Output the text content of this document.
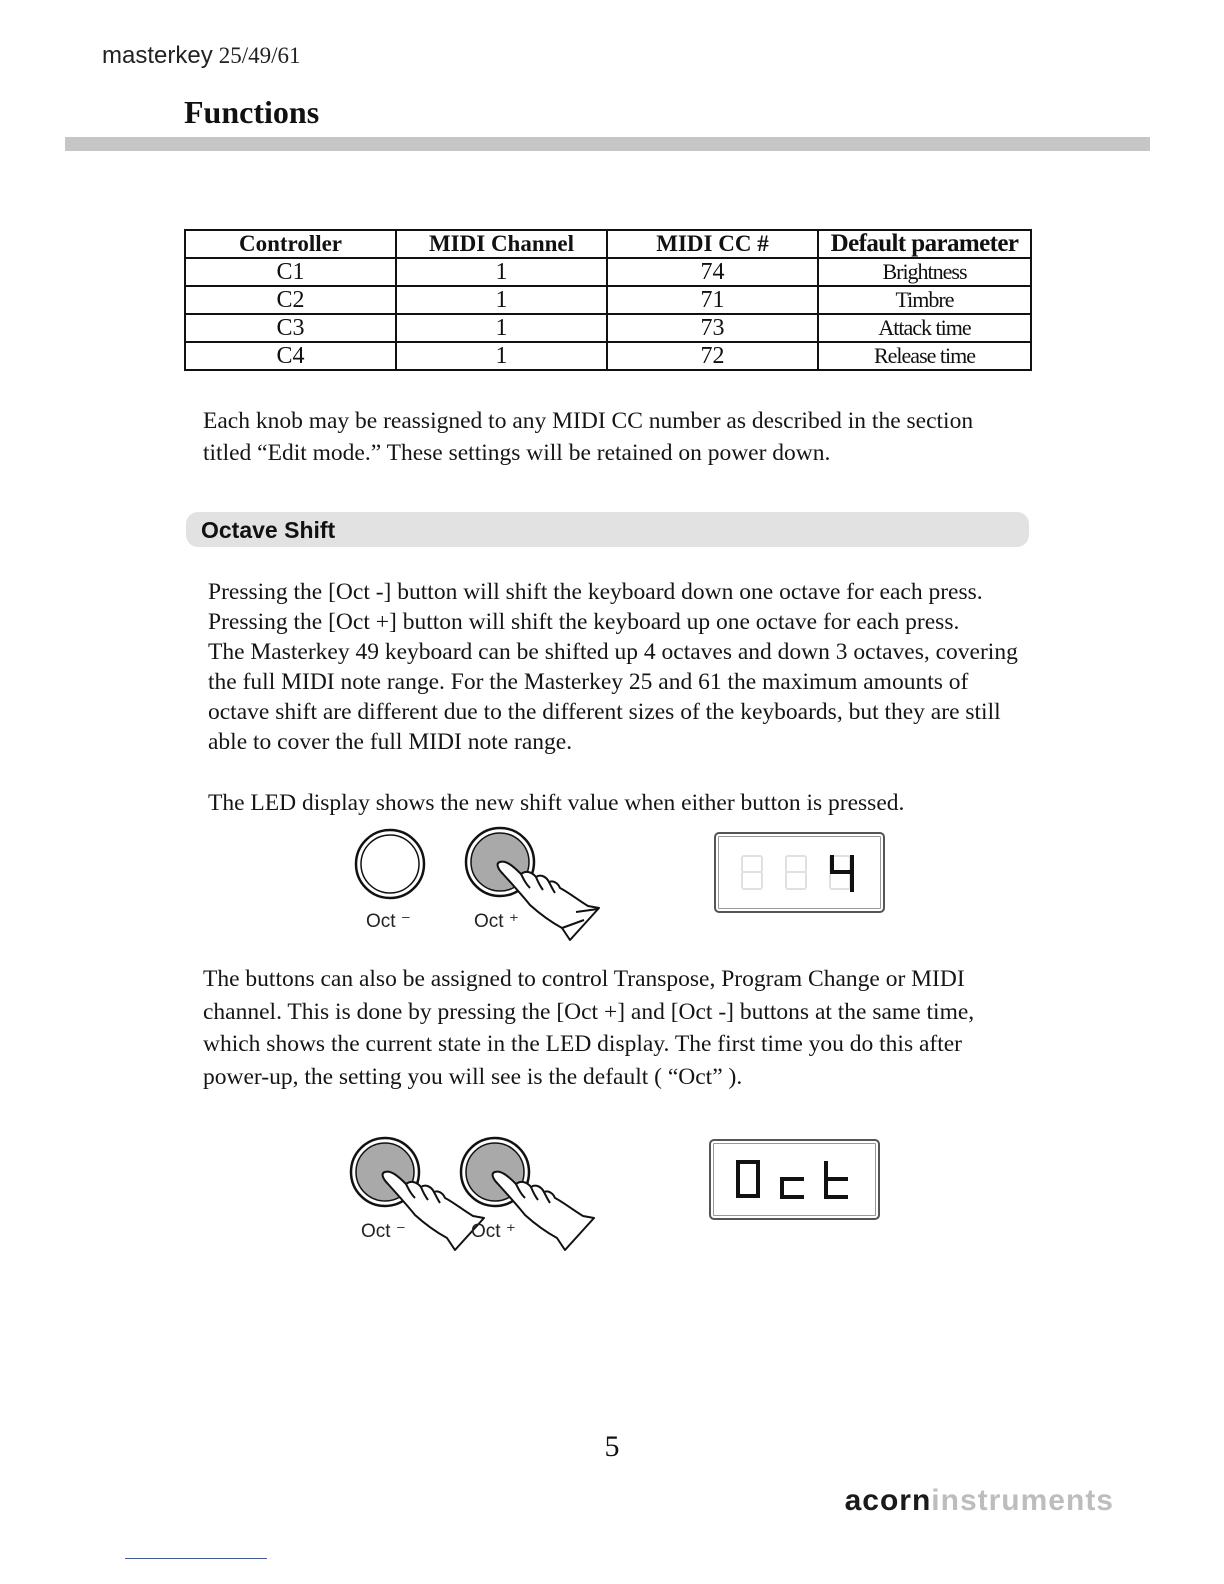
masterkey 25/49/61
Functions
Controller	MIDI Channel	MIDI CC #	Default parameter
C1	1	74	Brightness
C2	1	71	Timbre
C3	1	73	Attack time
C4	1	72	Release time
Each knob may be reassigned to any MIDI CC number as described in the section
titled “Edit mode.” These settings will be retained on power down.
Octave Shift
Pressing the [Oct -] button will shift the keyboard down one octave for each press.
Pressing the [Oct +] button will shift the keyboard up one octave for each press.
The Masterkey 49 keyboard can be shifted up 4 octaves and down 3 octaves, covering
the full MIDI note range. For the Masterkey 25 and 61 the maximum amounts of
octave shift are different due to the different sizes of the keyboards, but they are still
able to cover the full MIDI note range.
The LED display shows the new shift value when either button is pressed.
Oct ⁻	Oct ⁺
4
The buttons can also be assigned to control Transpose, Program Change or MIDI
channel. This is done by pressing the [Oct +] and [Oct -] buttons at the same time,
which shows the current state in the LED display. The first time you do this after
power-up, the setting you will see is the default ( “Oct” ).
Oct ⁻	Oct ⁺
OCt
5
acorninstruments
